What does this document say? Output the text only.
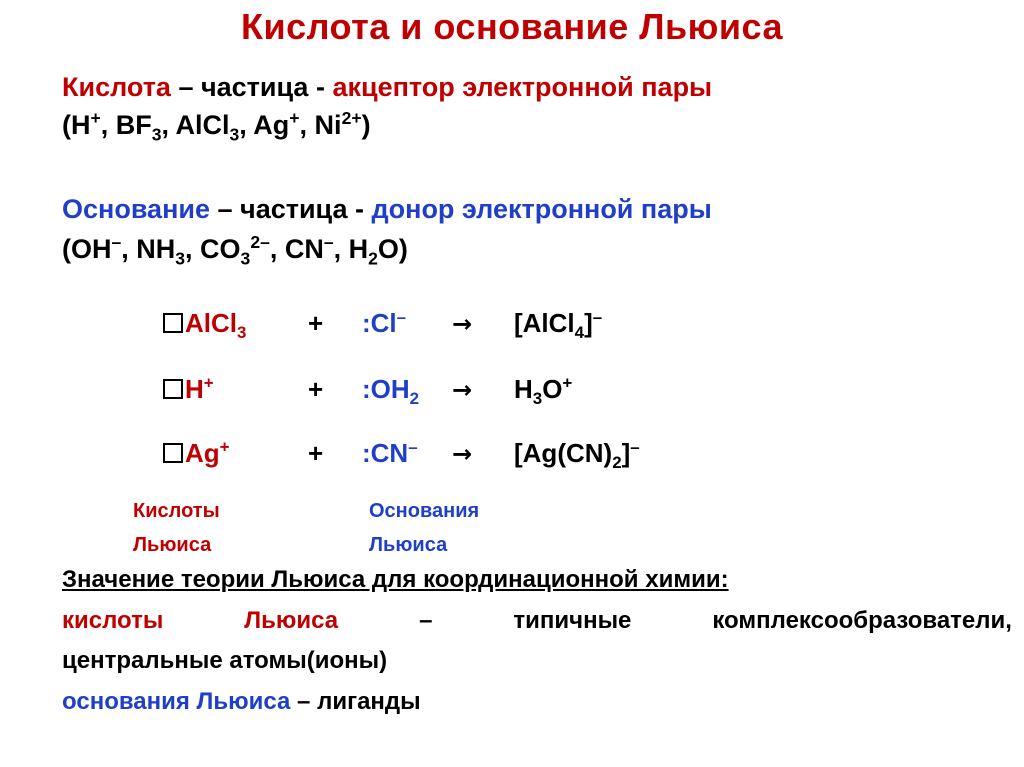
Кислота и основание Льюиса
Кислота – частица - акцептор электронной пары
(H+, $BF_3$, AlCl$_3$, Ag+, $Ni^{2+}$)
Основание – частица - донор электронной пары
(OH–, $NH_3$, $CO_3^{2-}$, CN–, $H_2O$)
AlCl$_3$ + :Cl– → [AlCl$_4$]–
H+	+ $:OH_2 \to H_3O^+$
Ag+	+ :CN– → $[Ag(CN)_2]^-$
Кислоты
Льюиса
Основания
Льюиса
Значение теории Льюиса для координационной химии:
кислоты	Льюиса	–	типичные	комплексообразователи,
центральные атомы(ионы)
основания Льюиса – лиганды
